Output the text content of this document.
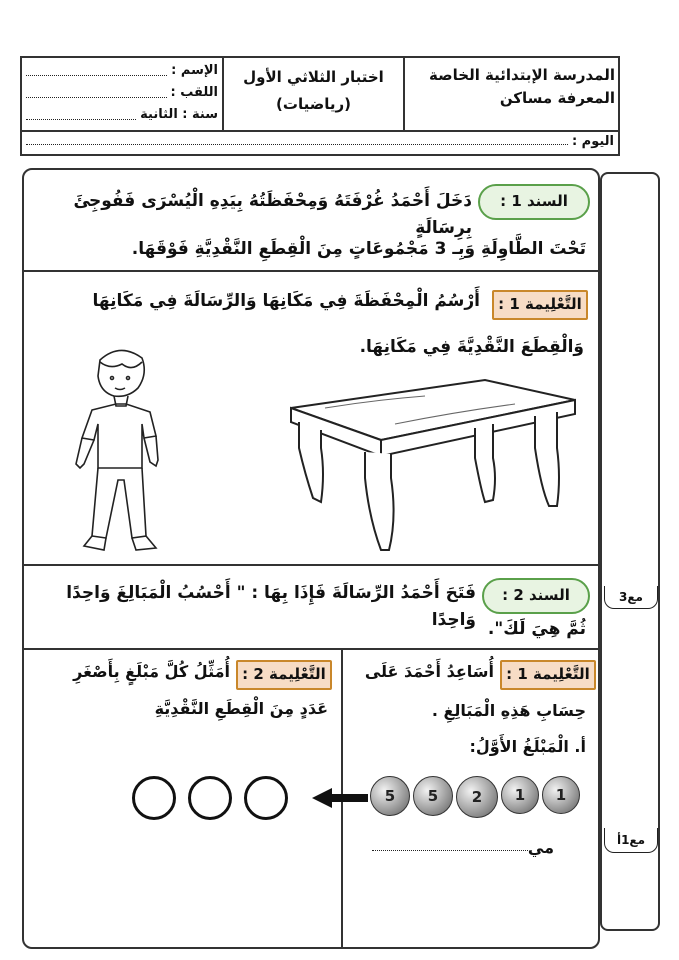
المدرسة الإبتدائية الخاصة
المعرفة مساكن
اختبار الثلاثي الأول
(رياضيات)
الإسم :
اللقب :
سنة : الثانية
اليوم :
السند 1 :
دَخَلَ أَحْمَدُ غُرْفَتَهُ وَمِحْفَظَتُهُ بِيَدِهِ الْيُسْرَى فَفُوجِئَ بِرِسَالَةٍ
تَحْتَ الطَّاوِلَةِ وَبِـ 3 مَجْمُوعَاتٍ مِنَ الْقِطَعِ النَّقْدِيَّةِ فَوْقَهَا.
التَّعْلِيمة 1 :
أَرْسُمُ الْمِحْفَظَةَ فِي مَكَانِهَا وَالرِّسَالَةَ فِي مَكَانِهَا
وَالْقِطَعَ النَّقْدِيَّةَ فِي مَكَانِهَا.
السند 2 :
فَتَحَ أَحْمَدُ الرِّسَالَةَ فَإِذَا بِهَا : " أَحْسُبُ الْمَبَالِغَ وَاحِدًا وَاحِدًا ثُمَّ هِيَ لَكَ".
مع3
التَّعْلِيمة 1 :
أُسَاعِدُ أَحْمَدَ عَلَى
حِسَابِ هَذِهِ الْمَبَالِغِ .
أ. الْمَبْلَغُ الأَوَّلُ:
5	5	2	1	1
مي
التَّعْلِيمة 2 :
أُمَثِّلُ كُلَّ مَبْلَغٍ بِأَصْغَرِ
عَدَدٍ مِنَ الْقِطَعِ النَّقْدِيَّةِ
مع1أ
